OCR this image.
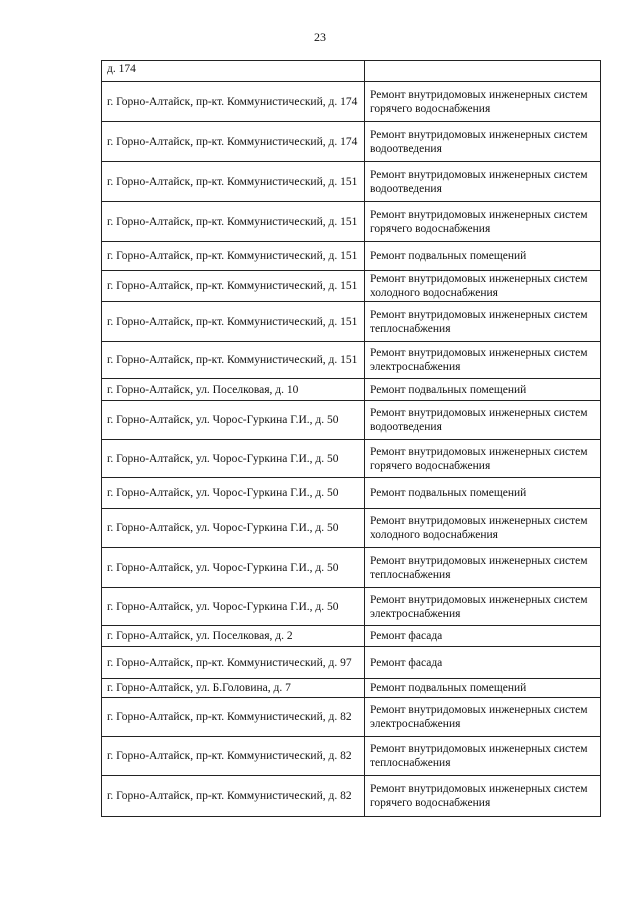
23
д. 174	
г. Горно-Алтайск, пр-кт. Коммунистический, д. 174	Ремонт внутридомовых инженерных систем горячего водоснабжения
г. Горно-Алтайск, пр-кт. Коммунистический, д. 174	Ремонт внутридомовых инженерных систем водоотведения
г. Горно-Алтайск, пр-кт. Коммунистический, д. 151	Ремонт внутридомовых инженерных систем водоотведения
г. Горно-Алтайск, пр-кт. Коммунистический, д. 151	Ремонт внутридомовых инженерных систем горячего водоснабжения
г. Горно-Алтайск, пр-кт. Коммунистический, д. 151	Ремонт подвальных помещений
г. Горно-Алтайск, пр-кт. Коммунистический, д. 151	Ремонт внутридомовых инженерных систем холодного водоснабжения
г. Горно-Алтайск, пр-кт. Коммунистический, д. 151	Ремонт внутридомовых инженерных систем теплоснабжения
г. Горно-Алтайск, пр-кт. Коммунистический, д. 151	Ремонт внутридомовых инженерных систем электроснабжения
г. Горно-Алтайск, ул. Поселковая, д. 10	Ремонт подвальных помещений
г. Горно-Алтайск, ул. Чорос-Гуркина Г.И., д. 50	Ремонт внутридомовых инженерных систем водоотведения
г. Горно-Алтайск, ул. Чорос-Гуркина Г.И., д. 50	Ремонт внутридомовых инженерных систем горячего водоснабжения
г. Горно-Алтайск, ул. Чорос-Гуркина Г.И., д. 50	Ремонт подвальных помещений
г. Горно-Алтайск, ул. Чорос-Гуркина Г.И., д. 50	Ремонт внутридомовых инженерных систем холодного водоснабжения
г. Горно-Алтайск, ул. Чорос-Гуркина Г.И., д. 50	Ремонт внутридомовых инженерных систем теплоснабжения
г. Горно-Алтайск, ул. Чорос-Гуркина Г.И., д. 50	Ремонт внутридомовых инженерных систем электроснабжения
г. Горно-Алтайск, ул. Поселковая, д. 2	Ремонт фасада
г. Горно-Алтайск, пр-кт. Коммунистический, д. 97	Ремонт фасада
г. Горно-Алтайск, ул. Б.Головина, д. 7	Ремонт подвальных помещений
г. Горно-Алтайск, пр-кт. Коммунистический, д. 82	Ремонт внутридомовых инженерных систем электроснабжения
г. Горно-Алтайск, пр-кт. Коммунистический, д. 82	Ремонт внутридомовых инженерных систем теплоснабжения
г. Горно-Алтайск, пр-кт. Коммунистический, д. 82	Ремонт внутридомовых инженерных систем горячего водоснабжения
